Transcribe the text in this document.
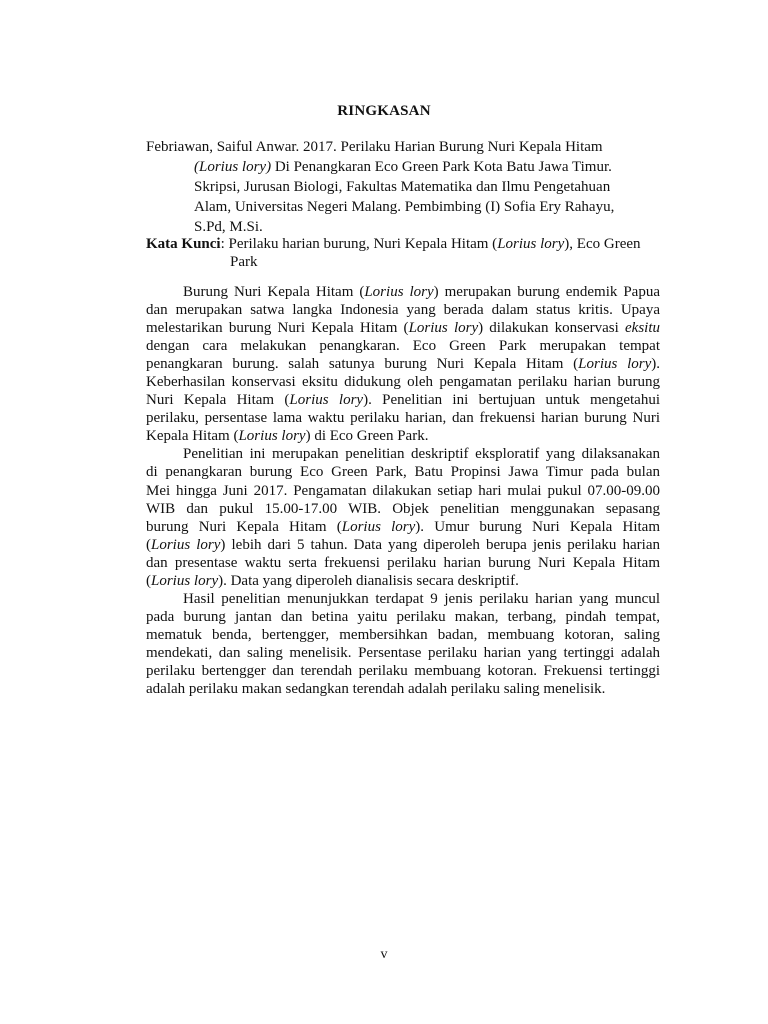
RINGKASAN
Febriawan, Saiful Anwar. 2017. Perilaku Harian Burung Nuri Kepala Hitam
(Lorius lory) Di Penangkaran Eco Green Park Kota Batu Jawa Timur.
Skripsi, Jurusan Biologi, Fakultas Matematika dan Ilmu Pengetahuan
Alam, Universitas Negeri Malang. Pembimbing (I) Sofia Ery Rahayu,
S.Pd, M.Si.
Kata Kunci: Perilaku harian burung, Nuri Kepala Hitam (Lorius lory), Eco Green
Park
Burung Nuri Kepala Hitam (Lorius lory) merupakan burung endemik Papua
dan merupakan satwa langka Indonesia yang berada dalam status kritis. Upaya
melestarikan burung Nuri Kepala Hitam (Lorius lory) dilakukan konservasi eksitu
dengan cara melakukan penangkaran. Eco Green Park merupakan tempat
penangkaran burung. salah satunya burung Nuri Kepala Hitam (Lorius lory).
Keberhasilan konservasi eksitu didukung oleh pengamatan perilaku harian burung
Nuri Kepala Hitam (Lorius lory). Penelitian ini bertujuan untuk mengetahui
perilaku, persentase lama waktu perilaku harian, dan frekuensi harian burung Nuri
Kepala Hitam (Lorius lory) di Eco Green Park.
Penelitian ini merupakan penelitian deskriptif eksploratif yang dilaksanakan
di penangkaran burung Eco Green Park, Batu Propinsi Jawa Timur pada bulan
Mei hingga Juni 2017. Pengamatan dilakukan setiap hari mulai pukul 07.00-09.00
WIB dan pukul 15.00-17.00 WIB. Objek penelitian menggunakan sepasang
burung Nuri Kepala Hitam (Lorius lory). Umur burung Nuri Kepala Hitam
(Lorius lory) lebih dari 5 tahun. Data yang diperoleh berupa jenis perilaku harian
dan presentase waktu serta frekuensi perilaku harian burung Nuri Kepala Hitam
(Lorius lory). Data yang diperoleh dianalisis secara deskriptif.
Hasil penelitian menunjukkan terdapat 9 jenis perilaku harian yang muncul
pada burung jantan dan betina yaitu perilaku makan, terbang, pindah tempat,
mematuk benda, bertengger, membersihkan badan, membuang kotoran, saling
mendekati, dan saling menelisik. Persentase perilaku harian yang tertinggi adalah
perilaku bertengger dan terendah perilaku membuang kotoran. Frekuensi tertinggi
adalah perilaku makan sedangkan terendah adalah perilaku saling menelisik.
v
